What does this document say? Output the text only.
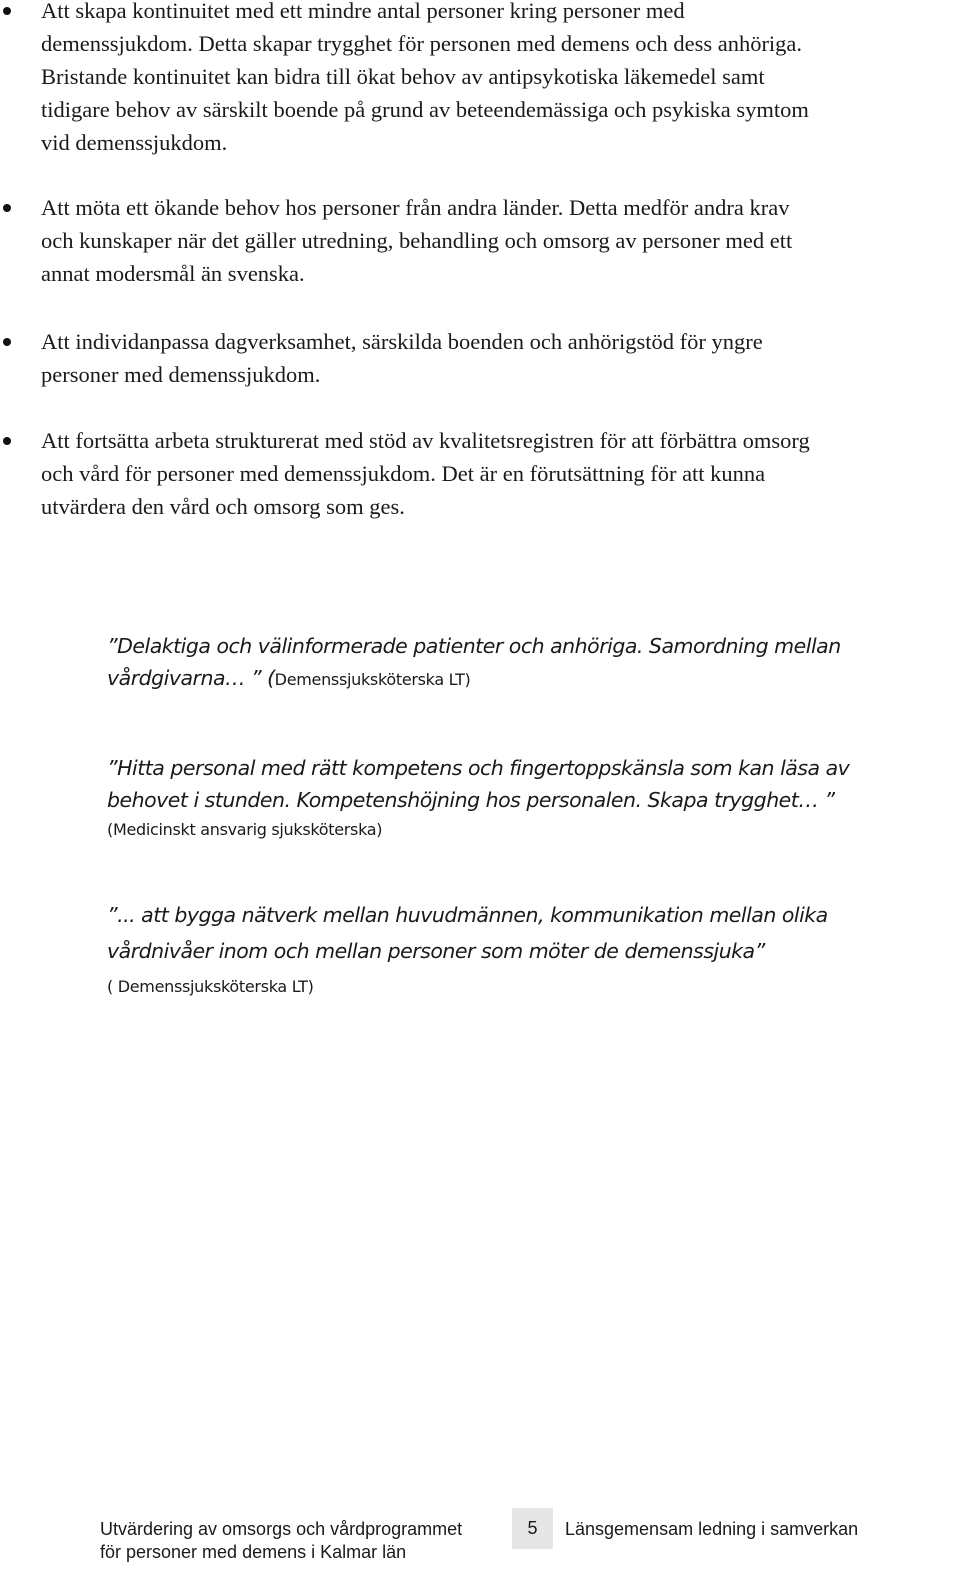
Att skapa kontinuitet med ett mindre antal personer kring personer med
demenssjukdom. Detta skapar trygghet för personen med demens och dess anhöriga.
Bristande kontinuitet kan bidra till ökat behov av antipsykotiska läkemedel samt
tidigare behov av särskilt boende på grund av beteendemässiga och psykiska symtom
vid demenssjukdom.
Att möta ett ökande behov hos personer från andra länder. Detta medför andra krav
och kunskaper när det gäller utredning, behandling och omsorg av personer med ett
annat modersmål än svenska.
Att individanpassa dagverksamhet, särskilda boenden och anhörigstöd för yngre
personer med demenssjukdom.
Att fortsätta arbeta strukturerat med stöd av kvalitetsregistren för att förbättra omsorg
och vård för personer med demenssjukdom. Det är en förutsättning för att kunna
utvärdera den vård och omsorg som ges.
”Delaktiga och välinformerade patienter och anhöriga. Samordning mellan
vårdgivarna… ” (Demenssjuksköterska LT)
”Hitta personal med rätt kompetens och fingertoppskänsla som kan läsa av
behovet i stunden. Kompetenshöjning hos personalen. Skapa trygghet… ”
(Medicinskt ansvarig sjuksköterska)
”... att bygga nätverk mellan huvudmännen, kommunikation mellan olika
vårdnivåer inom och mellan personer som möter de demenssjuka”
( Demenssjuksköterska LT)
Utvärdering av omsorgs och vårdprogrammet
för personer med demens i Kalmar län
5	Länsgemensam ledning i samverkan
